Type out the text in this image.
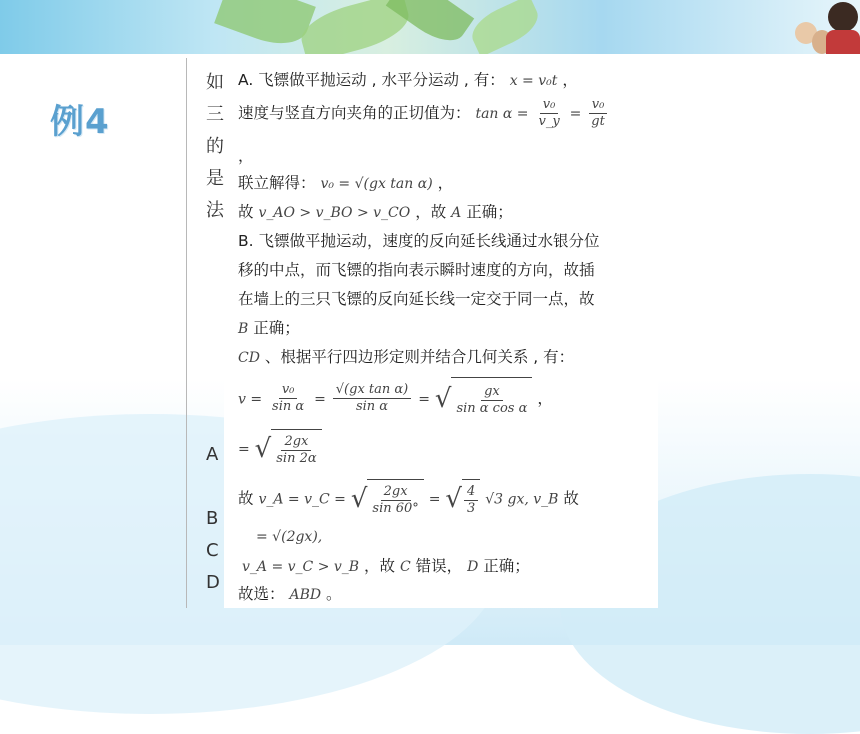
例4
如
三
的
是
法
A
B
C
D
A. 飞镖做平抛运动 , 水平分运动 , 有： x = v₀t ，
速度与竖直方向夹角的正切值为： $\tan \alpha = \frac{\text{v₀}}{v\_y} = \frac{\text{v₀}}{gt}$
，
联立解得： v₀ = √(gx tan α) ，
故 v_AO > v_BO > v_CO ，故 A 正确；
B. 飞镖做平抛运动，速度的反向延长线通过水银分位
移的中点，而飞镖的指向表示瞬时速度的方向，故插
在墙上的三只飞镖的反向延长线一定交于同一点，故
B 正确；
CD 、根据平行四边形定则并结合几何关系 , 有：
$v = \frac{\text{v₀}}{\text{sin α}} = \frac{\text{√(gx tan α)}}{\text{sin α}}$ = √ $\frac{gx}{\text{sin α cos α}}$ ，
= √ $\frac{2gx}{\sin 2\alpha}$
故 v_A = v_C = √ $\frac{2gx}{\sin 60^\circ}$ = √ $\frac{4}{3} √3$ gx, v_B 故
= √(2gx),
v_A = v_C > v_B ，故 C 错误， D 正确；
故选： ABD 。
